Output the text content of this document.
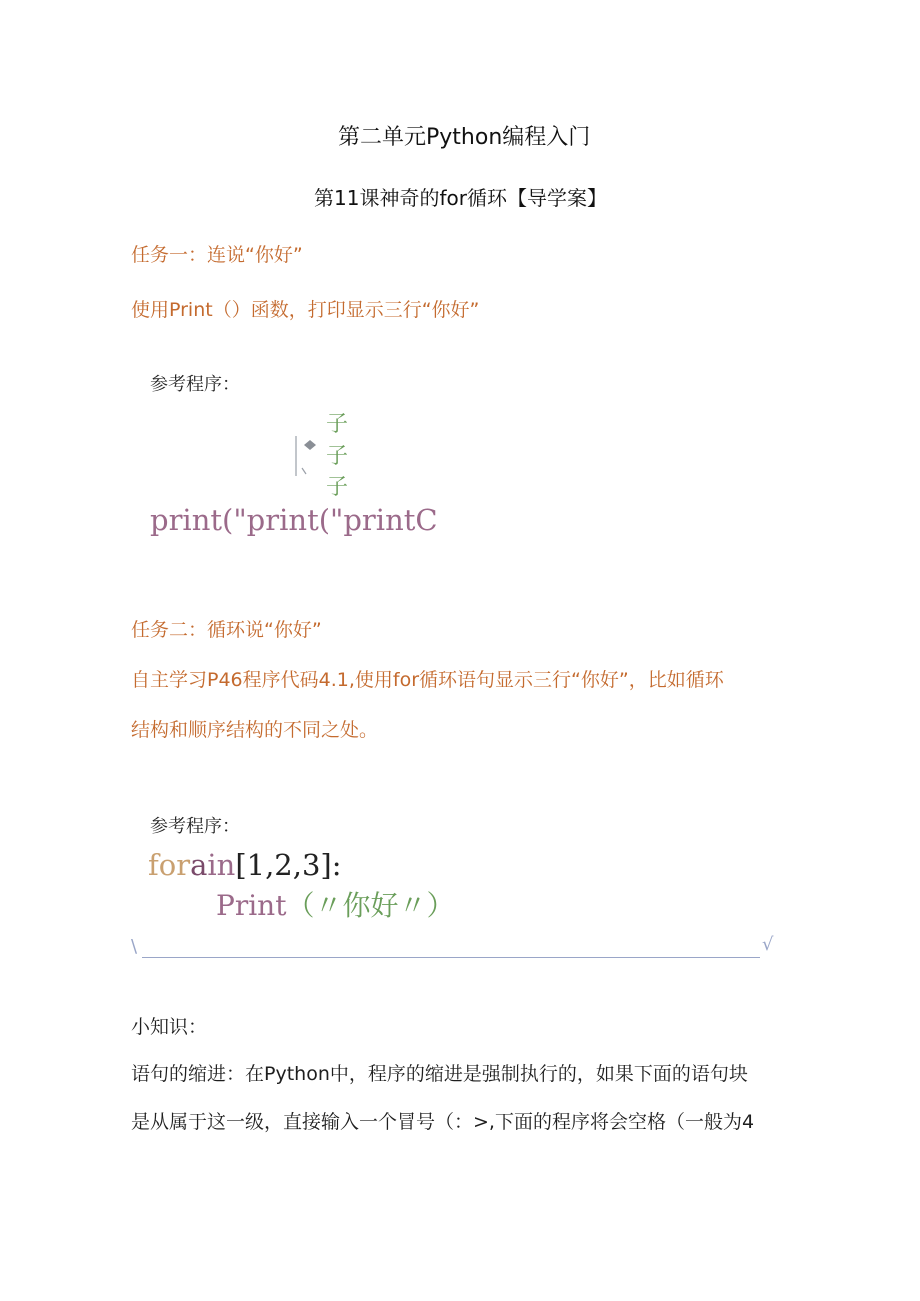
第二单元Python编程入门
第11课神奇的for循环【导学案】
任务一：连说“你好”
使用Print（）函数，打印显示三行“你好”
参考程序：
子
子
子
print("print("printC
任务二：循环说“你好”
自主学习P46程序代码4.1,使用for循环语句显示三行“你好”，比如循环
结构和顺序结构的不同之处。
参考程序：
forain[1,2,3]:
Print（〃你好〃）
\	√
小知识：
语句的缩进：在Python中，程序的缩进是强制执行的，如果下面的语句块
是从属于这一级，直接输入一个冒号（：>,下面的程序将会空格（一般为4
